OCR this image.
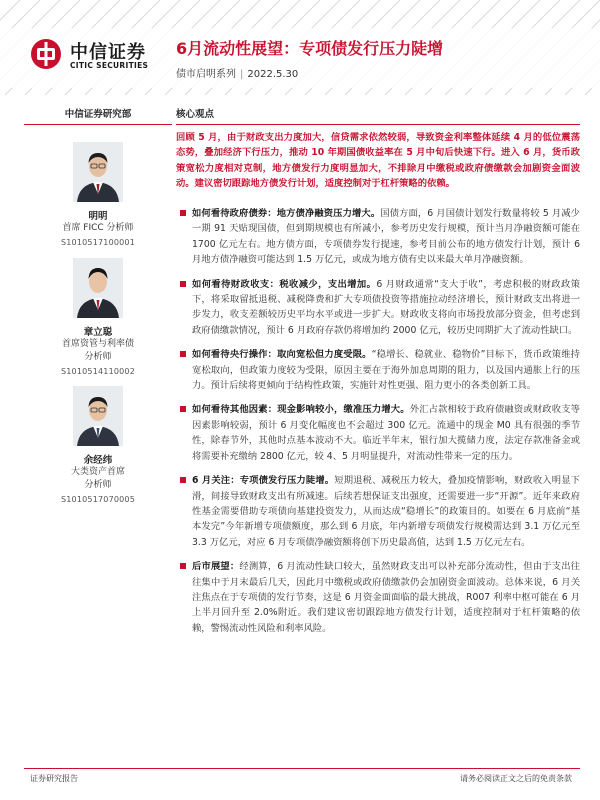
中信证券
CITIC SECURITIES
6月流动性展望：专项债发行压力陡增
债市启明系列 | 2022.5.30
中信证券研究部
明明
首席 FICC 分析师
S1010517100001
章立聪
首席资管与利率债
分析师
S1010514110002
余经纬
大类资产首席
分析师
S1010517070005
核心观点
回顾 5 月，由于财政支出力度加大，信贷需求依然较弱，导致资金利率整体延续 4 月的低位震荡态势，叠加经济下行压力，推动 10 年期国债收益率在 5 月中旬后快速下行。进入 6 月，货币政策宽松力度相对克制，地方债发行力度明显加大，不排除月中缴税或政府债缴款会加剧资金面波动。建议密切跟踪地方债发行计划，适度控制对于杠杆策略的依赖。
如何看待政府债券：地方债净融资压力增大。国债方面，6 月国债计划发行数量将较 5 月减少一期 91 天贴现国债，但到期规模也有所减小，参考历史发行规模，预计当月净融资额可能在 1700 亿元左右。地方债方面，专项债券发行提速，参考目前公布的地方债发行计划，预计 6 月地方债净融资可能达到 1.5 万亿元，或成为地方债有史以来最大单月净融资额。
如何看待财政收支：税收减少，支出增加。6 月财政通常“支大于收”，考虑积极的财政政策下，将采取留抵退税、减税降费和扩大专项债投资等措施拉动经济增长，预计财政支出将进一步发力，收支差额较历史平均水平或进一步扩大。财政收支将向市场投放部分资金，但考虑到政府债缴款情况，预计 6 月政府存款仍将增加约 2000 亿元，较历史同期扩大了流动性缺口。
如何看待央行操作：取向宽松但力度受限。“稳增长、稳就业、稳物价”目标下，货币政策维持宽松取向，但政策力度较为受限，原因主要在于海外加息周期的阻力，以及国内通胀上行的压力。预计后续将更倾向于结构性政策，实施针对性更强、阻力更小的各类创新工具。
如何看待其他因素：现金影响较小，缴准压力增大。外汇占款相较于政府债融资或财政收支等因素影响较弱，预计 6 月变化幅度也不会超过 300 亿元。流通中的现金 M0 具有很强的季节性，除春节外，其他时点基本波动不大。临近半年末，银行加大揽储力度，法定存款准备金或将需要补充缴纳 2800 亿元，较 4、5 月明显提升，对流动性带来一定的压力。
6 月关注：专项债发行压力陡增。短期退税、减税压力较大，叠加疫情影响，财政收入明显下滑，间接导致财政支出有所减速。后续若想保证支出强度，还需要进一步“开源”。近年来政府性基金需要借助专项债向基建投资发力，从而达成“稳增长”的政策目的。如要在 6 月底前“基本发完”今年新增专项债额度，那么到 6 月底，年内新增专项债发行规模需达到 3.1 万亿元至 3.3 万亿元，对应 6 月专项债净融资额将创下历史最高值，达到 1.5 万亿元左右。
后市展望：经测算，6 月流动性缺口较大，虽然财政支出可以补充部分流动性，但由于支出往往集中于月末最后几天，因此月中缴税或政府债缴款仍会加剧资金面波动。总体来说，6 月关注焦点在于专项债的发行节奏，这是 6 月资金面面临的最大挑战，R007 利率中枢可能在 6 月上半月回升至 2.0%附近。我们建议密切跟踪地方债发行计划，适度控制对于杠杆策略的依赖，警惕流动性风险和利率风险。
证券研究报告	请务必阅读正文之后的免责条款
